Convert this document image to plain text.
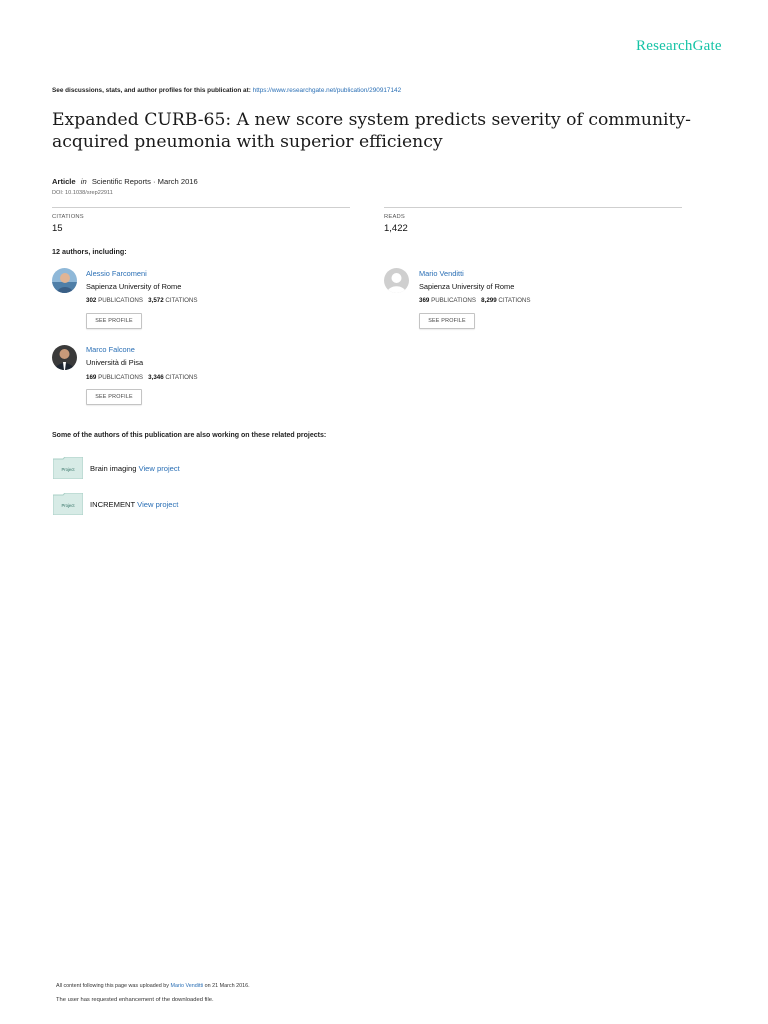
ResearchGate
See discussions, stats, and author profiles for this publication at: https://www.researchgate.net/publication/290917142
Expanded CURB-65: A new score system predicts severity of community-acquired pneumonia with superior efficiency
Article in Scientific Reports · March 2016
DOI: 10.1038/srep22911
CITATIONS
15
READS
1,422
12 authors, including:
Alessio Farcomeni
Sapienza University of Rome
302 PUBLICATIONS 3,572 CITATIONS
SEE PROFILE
Mario Venditti
Sapienza University of Rome
369 PUBLICATIONS 8,299 CITATIONS
SEE PROFILE
Marco Falcone
Università di Pisa
169 PUBLICATIONS 3,346 CITATIONS
SEE PROFILE
Some of the authors of this publication are also working on these related projects:
Project Brain imaging View project
Project INCREMENT View project
All content following this page was uploaded by Mario Venditti on 21 March 2016.
The user has requested enhancement of the downloaded file.
